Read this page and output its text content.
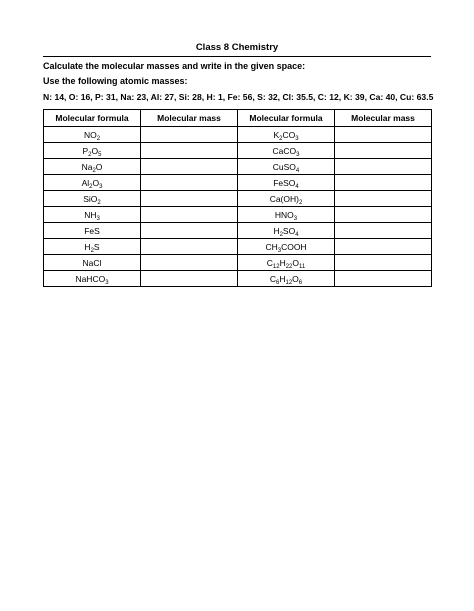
Class 8 Chemistry
Calculate the molecular masses and write in the given space:
Use the following atomic masses:
N: 14, O: 16, P: 31, Na: 23, Al: 27, Si: 28, H: 1, Fe: 56, S: 32, Cl: 35.5, C: 12, K: 39, Ca: 40, Cu: 63.5
Molecular formula	Molecular mass	Molecular formula	Molecular mass
$NO_2$		$K_2CO_3$	
$P_2O_5$		CaCO$_3$	
$Na_2O$		CuSO$_4$	
$Al_2O_3$		FeSO$_4$	
SiO$_2$		$Ca(OH)_2$	
$NH_3$		$HNO_3$	
FeS		$H_2SO_4$	
$H_2S$		$CH_3COOH$	
NaCl		$C_{12}H_{22}O_{11}$	
NaHCO$_3$		$C_6H_{12}O_6$	
